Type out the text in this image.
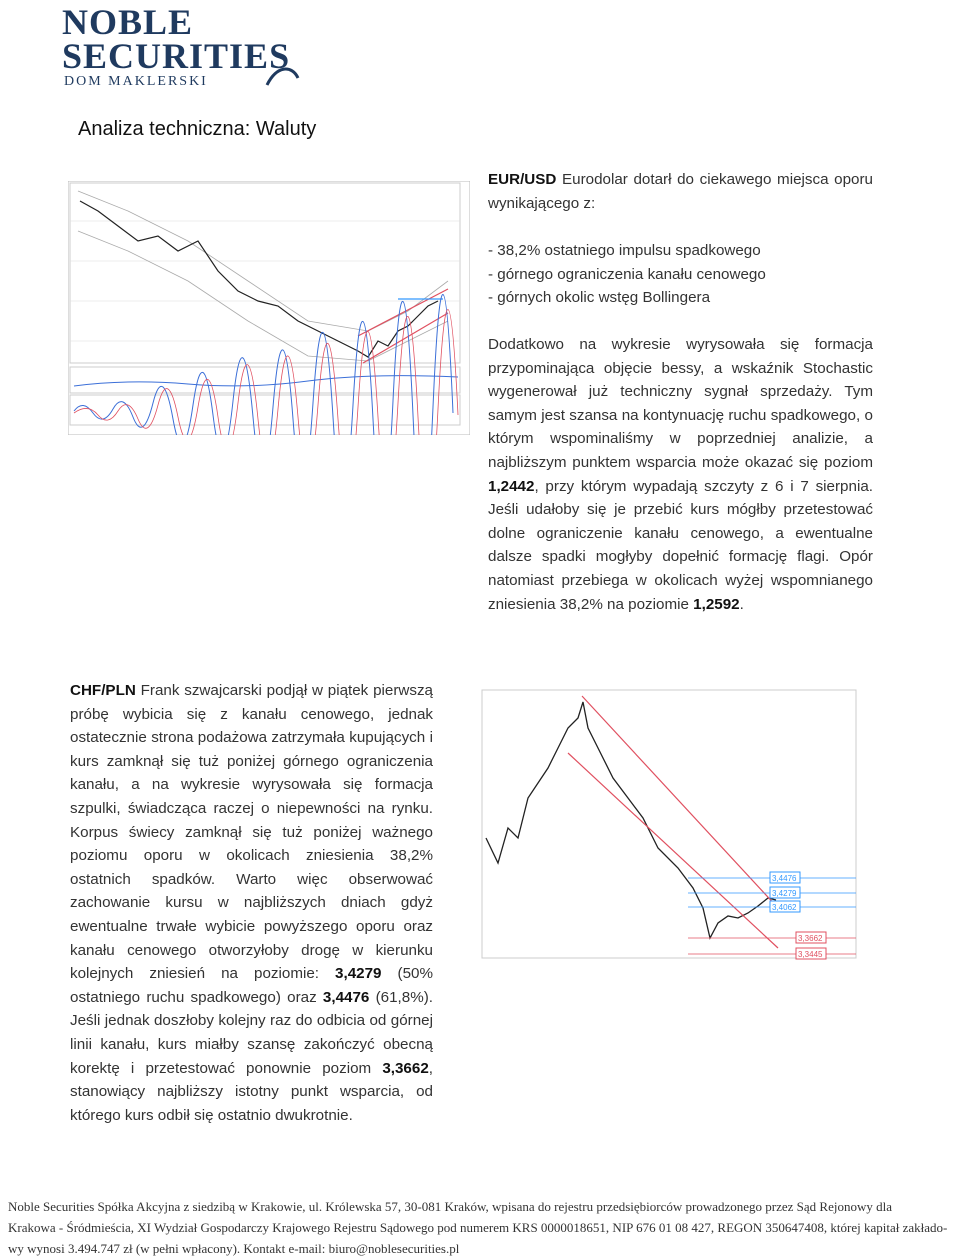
NOBLE
SECURITIES
DOM MAKLERSKI
Analiza techniczna: Waluty
EUR/USD Eurodolar dotarł do ciekawego miejsca oporu wynikającego z:
- 38,2% ostatniego impulsu spadkowego
- górnego ograniczenia kanału cenowego
- górnych okolic wstęg Bollingera
Dodatkowo na wykresie wyrysowała się formacja przypominająca objęcie bessy, a wskaźnik Stochastic wygenerował już techniczny sygnał sprzedaży. Tym samym jest szansa na kontynuację ruchu spadkowego, o którym wspominaliśmy w poprzedniej analizie, a najbliższym punktem wsparcia może okazać się poziom 1,2442, przy którym wypadają szczyty z 6 i 7 sierpnia. Jeśli udałoby się je przebić kurs mógłby przetestować dolne ograniczenie kanału cenowego, a ewentualne dalsze spadki mogłyby dopełnić formację flagi. Opór natomiast przebiega w okolicach wyżej wspomnianego zniesienia 38,2% na poziomie 1,2592.
CHF/PLN Frank szwajcarski podjął w piątek pierwszą próbę wybicia się z kanału cenowego, jednak ostatecznie strona podażowa zatrzymała kupujących i kurs zamknął się tuż poniżej górnego ograniczenia kanału, a na wykresie wyrysowała się formacja szpulki, świadcząca raczej o niepewności na rynku. Korpus świecy zamknął się tuż poniżej ważnego poziomu oporu w okolicach zniesienia 38,2% ostatnich spadków. Warto więc obserwować zachowanie kursu w najbliższych dniach gdyż ewentualne trwałe wybicie powyższego oporu oraz kanału cenowego otworzyłoby drogę w kierunku kolejnych zniesień na poziomie: 3,4279 (50% ostatniego ruchu spadkowego) oraz 3,4476 (61,8%). Jeśli jednak doszłoby kolejny raz do odbicia od górnej linii kanału, kurs miałby szansę zakończyć obecną korektę i przetestować ponownie poziom 3,3662, stanowiący najbliższy istotny punkt wsparcia, od którego kurs odbił się ostatnio dwukrotnie.
3,4476
3,4279
3,4062
3,3662
3,3445
Noble Securities Spółka Akcyjna z siedzibą w Krakowie, ul. Królewska 57, 30-081 Kraków, wpisana do rejestru przedsiębiorców prowadzonego przez Sąd Rejonowy dla
Krakowa - Śródmieścia, XI Wydział Gospodarczy Krajowego Rejestru Sądowego pod numerem KRS 0000018651, NIP 676 01 08 427, REGON 350647408, której kapitał zakłado-
wy wynosi 3.494.747 zł (w pełni wpłacony). Kontakt e-mail: biuro@noblesecurities.pl
